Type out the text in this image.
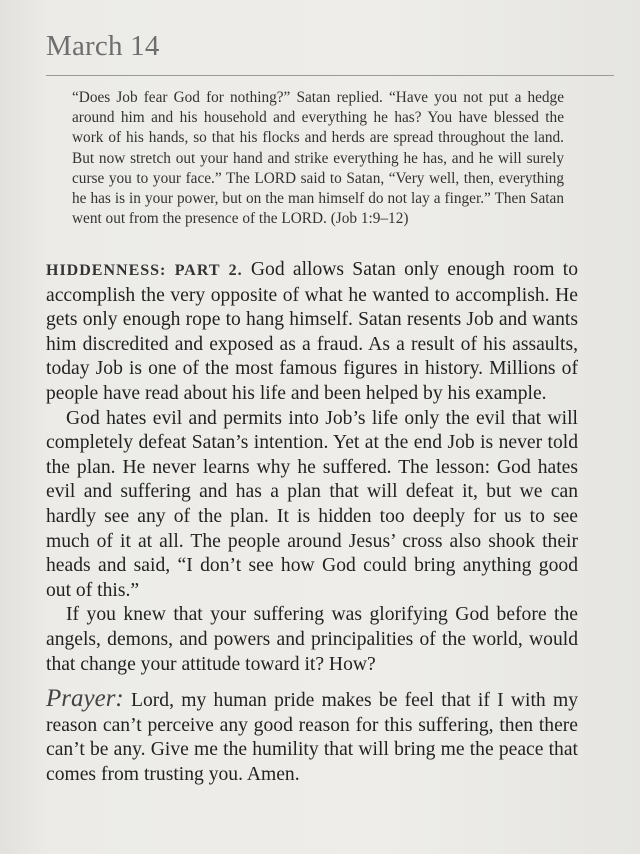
March 14
“Does Job fear God for nothing?” Satan replied. “Have you not put a hedge around him and his household and everything he has? You have blessed the work of his hands, so that his flocks and herds are spread throughout the land. But now stretch out your hand and strike everything he has, and he will surely curse you to your face.” The LORD said to Satan, “Very well, then, everything he has is in your power, but on the man himself do not lay a finger.” Then Satan went out from the presence of the LORD. (Job 1:9–12)

HIDDENNESS: PART 2. God allows Satan only enough room to accomplish the very opposite of what he wanted to accomplish. He gets only enough rope to hang himself. Satan resents Job and wants him discredited and exposed as a fraud. As a result of his assaults, today Job is one of the most famous figures in history. Millions of people have read about his life and been helped by his example.

God hates evil and permits into Job’s life only the evil that will completely defeat Satan’s intention. Yet at the end Job is never told the plan. He never learns why he suffered. The lesson: God hates evil and suffering and has a plan that will defeat it, but we can hardly see any of the plan. It is hidden too deeply for us to see much of it at all. The people around Jesus’ cross also shook their heads and said, “I don’t see how God could bring anything good out of this.”

If you knew that your suffering was glorifying God before the angels, demons, and powers and principalities of the world, would that change your attitude toward it? How?

Prayer: Lord, my human pride makes be feel that if I with my reason can’t perceive any good reason for this suffering, then there can’t be any. Give me the humility that will bring me the peace that comes from trusting you. Amen.
